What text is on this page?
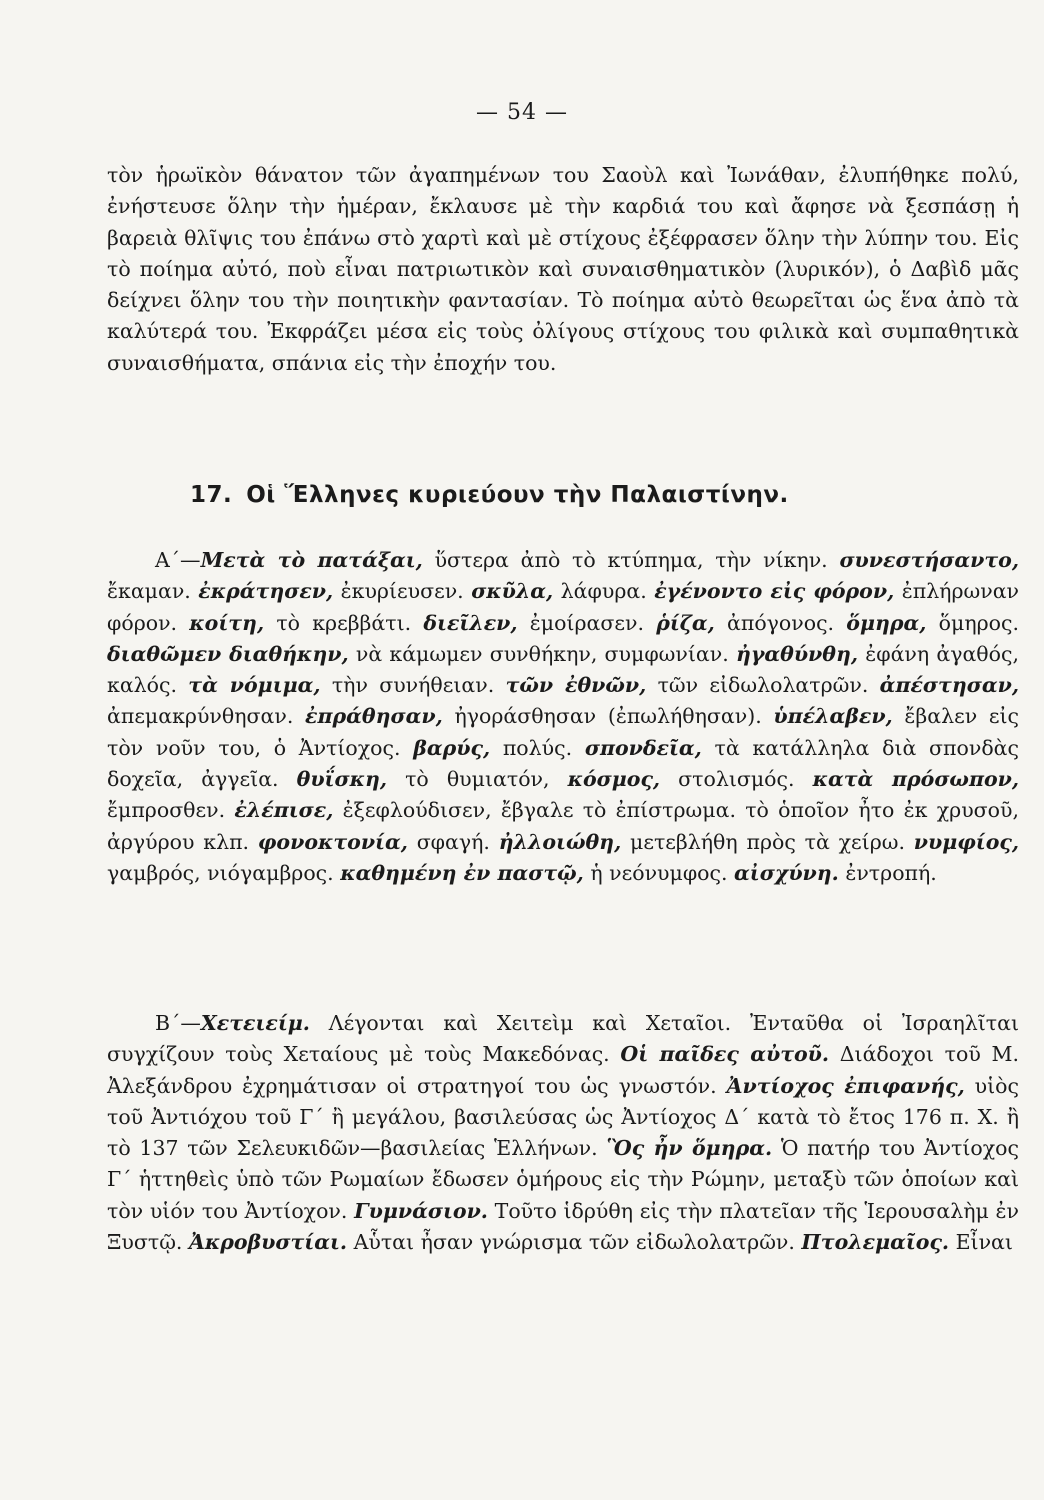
— 54 —
τὸν ἡρωϊκὸν θάνατον τῶν ἀγαπημένων του Σαοὺλ καὶ Ἰωνάθαν, ἐλυπήθηκε πολύ, ἐνήστευσε ὅλην τὴν ἡμέραν, ἔκλαυσε μὲ τὴν καρδιά του καὶ ἄφησε νὰ ξεσπάσῃ ἡ βαρειὰ θλῖψις του ἐπάνω στὸ χαρτὶ καὶ μὲ στίχους ἐξέφρασεν ὅλην τὴν λύπην του. Εἰς τὸ ποίημα αὐτό, ποὺ εἶναι πατριωτικὸν καὶ συναισθηματικὸν (λυρικόν), ὁ Δαβὶδ μᾶς δείχνει ὅλην του τὴν ποιητικὴν φαντασίαν. Τὸ ποίημα αὐτὸ θεωρεῖται ὡς ἕνα ἀπὸ τὰ καλύτερά του. Ἐκφράζει μέσα εἰς τοὺς ὀλίγους στίχους του φιλικὰ καὶ συμπαθητικὰ συναισθήματα, σπάνια εἰς τὴν ἐποχήν του.
17. Οἱ Ἕλληνες κυριεύουν τὴν Παλαιστίνην.

Α΄—Μετὰ τὸ πατάξαι, ὕστερα ἀπὸ τὸ κτύπημα, τὴν νίκην. συνεστήσαντο, ἔκαμαν. ἐκράτησεν, ἐκυρίευσεν. σκῦλα, λάφυρα. ἐγένοντο εἰς φόρον, ἐπλήρωναν φόρον. κοίτη, τὸ κρεββάτι. διεῖλεν, ἐμοίρασεν. ῥίζα, ἀπόγονος. ὅμηρα, ὅμηρος. διαθῶμεν διαθήκην, νὰ κάμωμεν συνθήκην, συμφωνίαν. ἠγαθύνθη, ἐφάνη ἀγαθός, καλός. τὰ νόμιμα, τὴν συνήθειαν. τῶν ἐθνῶν, τῶν εἰδωλολατρῶν. ἀπέστησαν, ἀπεμακρύνθησαν. ἐπράθησαν, ἠγοράσθησαν (ἐπωλήθησαν). ὑπέλαβεν, ἔβαλεν εἰς τὸν νοῦν του, ὁ Ἀντίοχος. βαρύς, πολύς. σπονδεῖα, τὰ κατάλληλα διὰ σπονδὰς δοχεῖα, ἀγγεῖα. θυΐσκη, τὸ θυμιατόν, κόσμος, στολισμός. κατὰ πρόσωπον, ἔμπροσθεν. ἐλέπισε, ἐξεφλούδισεν, ἔβγαλε τὸ ἐπίστρωμα. τὸ ὁποῖον ἦτο ἐκ χρυσοῦ, ἀργύρου κλπ. φονοκτονία, σφαγή. ἠλλοιώθη, μετεβλήθη πρὸς τὰ χείρω. νυμφίος, γαμβρός, νιόγαμβρος. καθημένη ἐν παστῷ, ἡ νεόνυμφος. αἰσχύνη. ἐντροπή.

Β΄—Χετειείμ. Λέγονται καὶ Χειτεὶμ καὶ Χεταῖοι. Ἐνταῦθα οἱ Ἰσραηλῖται συγχίζουν τοὺς Χεταίους μὲ τοὺς Μακεδόνας. Οἱ παῖδες αὐτοῦ. Διάδοχοι τοῦ Μ. Ἀλεξάνδρου ἐχρημάτισαν οἱ στρατηγοί του ὡς γνωστόν. Ἀντίοχος ἐπιφανής, υἱὸς τοῦ Ἀντιόχου τοῦ Γ΄ ἢ μεγάλου, βασιλεύσας ὡς Ἀντίοχος Δ΄ κατὰ τὸ ἔτος 176 π. Χ. ἢ τὸ 137 τῶν Σελευκιδῶν—βασιλείας Ἑλλήνων. Ὃς ἦν ὅμηρα. Ὁ πατήρ του Ἀντίοχος Γ΄ ἡττηθεὶς ὑπὸ τῶν Ρωμαίων ἔδωσεν ὁμήρους εἰς τὴν Ρώμην, μεταξὺ τῶν ὁποίων καὶ τὸν υἱόν του Ἀντίοχον. Γυμνάσιον. Τοῦτο ἱδρύθη εἰς τὴν πλατεῖαν τῆς Ἱερουσαλὴμ ἐν Ξυστῷ. Ἀκροβυστίαι. Αὗται ἦσαν γνώρισμα τῶν εἰδωλολατρῶν. Πτολεμαῖος. Εἶναι
